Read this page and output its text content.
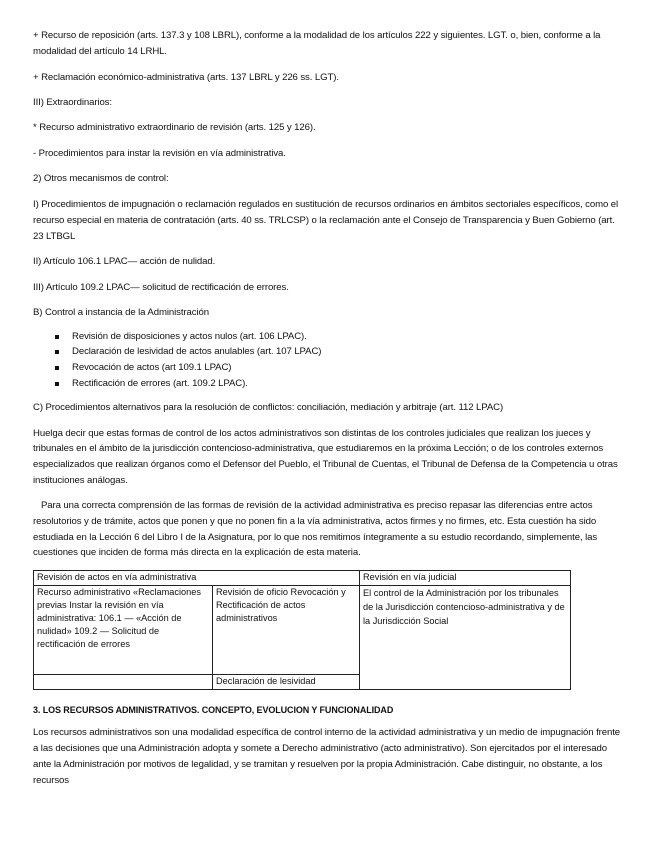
+ Recurso de reposición (arts. 137.3 y 108 LBRL), conforme a la modalidad de los artículos 222 y siguientes. LGT. o, bien, conforme a la modalidad del artículo 14 LRHL.

+ Reclamación económico-administrativa (arts. 137 LBRL y 226 ss. LGT).

III) Extraordinarios:

* Recurso administrativo extraordinario de revisión (arts. 125 y 126).

- Procedimientos para instar la revisión en vía administrativa.

2) Otros mecanismos de control:

I) Procedimientos de impugnación o reclamación regulados en sustitución de recursos ordinarios en ámbitos sectoriales específicos, como el recurso especial en materia de contratación (arts. 40 ss. TRLCSP) o la reclamación ante el Consejo de Transparencia y Buen Gobierno (art. 23 LTBGL

II) Artículo 106.1 LPAC— acción de nulidad.

III) Artículo 109.2 LPAC— solicitud de rectificación de errores.

B) Control a instancia de la Administración

Revisión de disposiciones y actos nulos (art. 106 LPAC).
Declaración de lesividad de actos anulables (art. 107 LPAC)
Revocación de actos (art 109.1 LPAC)
Rectificación de errores (art. 109.2 LPAC).

C) Procedimientos alternativos para la resolución de conflictos: conciliación, mediación y arbitraje (art. 112 LPAC)

Huelga decir que estas formas de control de los actos administrativos son distintas de los controles judiciales que realizan los jueces y tribunales en el ámbito de la jurisdicción contencioso-administrativa, que estudiaremos en la próxima Lección; o de los controles externos especializados que realizan órganos como el Defensor del Pueblo, el Tribunal de Cuentas, el Tribunal de Defensa de la Competencia u otras instituciones análogas.

Para una correcta comprensión de las formas de revisión de la actividad administrativa es preciso repasar las diferencias entre actos resolutorios y de trámite, actos que ponen y que no ponen fin a la vía administrativa, actos firmes y no firmes, etc. Esta cuestión ha sido estudiada en la Lección 6 del Libro I de la Asignatura, por lo que nos remitimos íntegramente a su estudio recordando, simplemente, las cuestiones que inciden de forma más directa en la explicación de esta materia.

Revisión de actos en vía administrativa		Revisión en vía judicial
Recurso administrativo «Reclamaciones previas Instar la revisión en vía administrativa: 106.1 — «Acción de nulidad» 109.2 — Solicitud de rectificación de errores	Revisión de oficio Revocación y Rectificación de actos administrativos	El control de la Administración por los tribunales de la Jurisdicción contencioso-administrativa y de la Jurisdicción Social
	Declaración de lesividad	
3. LOS RECURSOS ADMINISTRATIVOS. CONCEPTO, EVOLUCION Y FUNCIONALIDAD

Los recursos administrativos son una modalidad específica de control interno de la actividad administrativa y un medio de impugnación frente a las decisiones que una Administración adopta y somete a Derecho administrativo (acto administrativo). Son ejercitados por el interesado ante la Administración por motivos de legalidad, y se tramitan y resuelven por la propia Administración. Cabe distinguir, no obstante, a los recursos
